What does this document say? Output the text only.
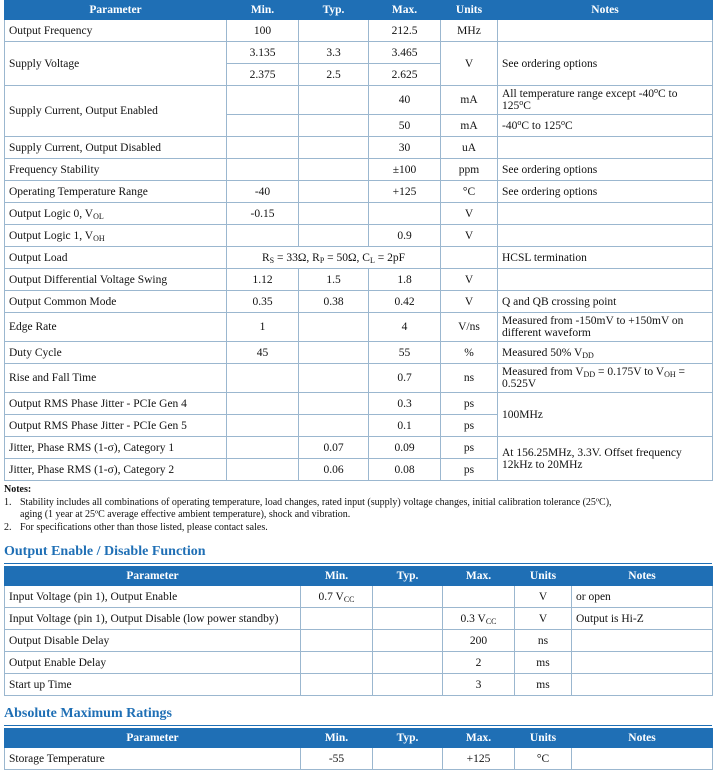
Parameter	Min.	Typ.	Max.	Units	Notes
Output Frequency	100		212.5	MHz	
Supply Voltage	3.135	3.3	3.465	V	See ordering options
	2.375	2.5	2.625		
Supply Current, Output Enabled			40	mA	All temperature range except -40$^o$C to 125$^o$C
			50	mA	-40$^o$C to 125$^o$C
Supply Current, Output Disabled			30	uA	
Frequency Stability			±100	ppm	See ordering options
Operating Temperature Range	-40		+125	°C	See ordering options
Output Logic 0, $V_{OL}$	-0.15			V	
Output Logic 1, $V_{OH}$			0.9	V	
Output Load	$R_S = 33\Omega$, $R_P = 50\Omega$, $C_L = 2pF$				HCSL termination
Output Differential Voltage Swing	1.12	1.5	1.8	V	
Output Common Mode	0.35	0.38	0.42	V	Q and QB crossing point
Edge Rate	1		4	V/ns	Measured from -150mV to +150mV on different waveform
Duty Cycle	45		55	%	Measured 50% $V_{DD}$
Rise and Fall Time			0.7	ns	Measured from $V_{DD} = 0.175V$ to $V_{OH} = 0.525V$
Output RMS Phase Jitter - PCIe Gen 4			0.3	ps	100MHz
Output RMS Phase Jitter - PCIe Gen 5			0.1	ps	
Jitter, Phase RMS (1-σ), Category 1		0.07	0.09	ps	At 156.25MHz, 3.3V. Offset frequency 12kHz to 20MHz
Jitter, Phase RMS (1-σ), Category 2		0.06	0.08	ps	
Notes:
1. Stability includes all combinations of operating temperature, load changes, rated input (supply) voltage changes, initial calibration tolerance (25ºC),
aging (1 year at 25ºC average effective ambient temperature), shock and vibration.
2. For specifications other than those listed, please contact sales.
Output Enable / Disable Function
Parameter	Min.	Typ.	Max.	Units	Notes
Input Voltage (pin 1), Output Enable	0.7 $V_{CC}$			V	or open
Input Voltage (pin 1), Output Disable (low power standby)			0.3 $V_{CC}$	V	Output is Hi-Z
Output Disable Delay			200	ns	
Output Enable Delay			2	ms	
Start up Time			3	ms	
Absolute Maximum Ratings
Parameter	Min.	Typ.	Max.	Units	Notes
Storage Temperature	-55		+125	°C	
